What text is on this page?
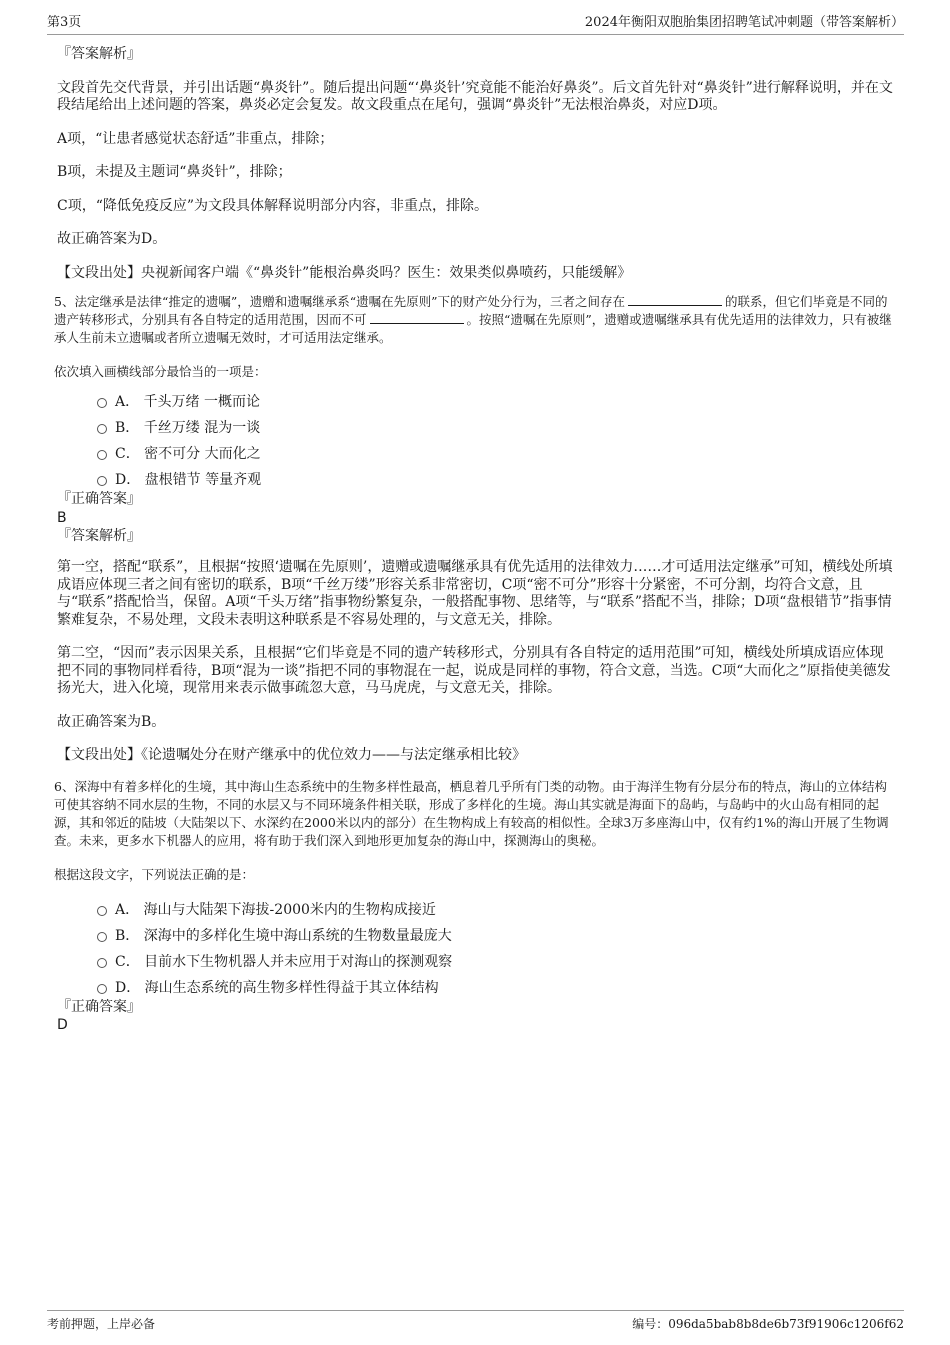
第3页	2024年衡阳双胞胎集团招聘笔试冲刺题（带答案解析）

『答案解析』

文段首先交代背景，并引出话题“鼻炎针”。随后提出问题“‘鼻炎针’究竟能不能治好鼻炎”。后文首先针对“鼻炎针”进行解释说明，并在文段结尾给出上述问题的答案，鼻炎必定会复发。故文段重点在尾句，强调“鼻炎针”无法根治鼻炎，对应D项。

A项，“让患者感觉状态舒适”非重点，排除；

B项，未提及主题词“鼻炎针”，排除；

C项，“降低免疫反应”为文段具体解释说明部分内容，非重点，排除。

故正确答案为D。

【文段出处】央视新闻客户端《“鼻炎针”能根治鼻炎吗？医生：效果类似鼻喷药，只能缓解》

5、法定继承是法律“推定的遗嘱”，遗赠和遗嘱继承系“遗嘱在先原则”下的财产处分行为，三者之间存在	的联系，但它们毕竟是不同的遗产转移形式，分别具有各自特定的适用范围，因而不可	。按照“遗嘱在先原则”，遗赠或遗嘱继承具有优先适用的法律效力，只有被继承人生前未立遗嘱或者所立遗嘱无效时，才可适用法定继承。

依次填入画横线部分最恰当的一项是：

A． 千头万绪 一概而论
B． 千丝万缕 混为一谈
C． 密不可分 大而化之
D． 盘根错节 等量齐观

『正确答案』

B

『答案解析』

第一空，搭配“联系”，且根据“按照‘遗嘱在先原则’，遗赠或遗嘱继承具有优先适用的法律效力……才可适用法定继承”可知，横线处所填成语应体现三者之间有密切的联系，B项“千丝万缕”形容关系非常密切，C项“密不可分”形容十分紧密，不可分割，均符合文意，且与“联系”搭配恰当，保留。A项“千头万绪”指事物纷繁复杂，一般搭配事物、思绪等，与“联系”搭配不当，排除；D项“盘根错节”指事情繁难复杂，不易处理，文段未表明这种联系是不容易处理的，与文意无关，排除。

第二空，“因而”表示因果关系，且根据“它们毕竟是不同的遗产转移形式，分别具有各自特定的适用范围”可知，横线处所填成语应体现把不同的事物同样看待，B项“混为一谈”指把不同的事物混在一起，说成是同样的事物，符合文意，当选。C项“大而化之”原指使美德发扬光大，进入化境，现常用来表示做事疏忽大意，马马虎虎，与文意无关，排除。

故正确答案为B。

【文段出处】《论遗嘱处分在财产继承中的优位效力——与法定继承相比较》

6、深海中有着多样化的生境，其中海山生态系统中的生物多样性最高，栖息着几乎所有门类的动物。由于海洋生物有分层分布的特点，海山的立体结构可使其容纳不同水层的生物，不同的水层又与不同环境条件相关联，形成了多样化的生境。海山其实就是海面下的岛屿，与岛屿中的火山岛有相同的起源，其和邻近的陆坡（大陆架以下、水深约在2000米以内的部分）在生物构成上有较高的相似性。全球3万多座海山中，仅有约1%的海山开展了生物调查。未来，更多水下机器人的应用，将有助于我们深入到地形更加复杂的海山中，探测海山的奥秘。

根据这段文字，下列说法正确的是：

A． 海山与大陆架下海拔-2000米内的生物构成接近
B． 深海中的多样化生境中海山系统的生物数量最庞大
C． 目前水下生物机器人并未应用于对海山的探测观察
D． 海山生态系统的高生物多样性得益于其立体结构

『正确答案』

D

考前押题，上岸必备	编号：096da5bab8b8de6b73f91906c1206f62
